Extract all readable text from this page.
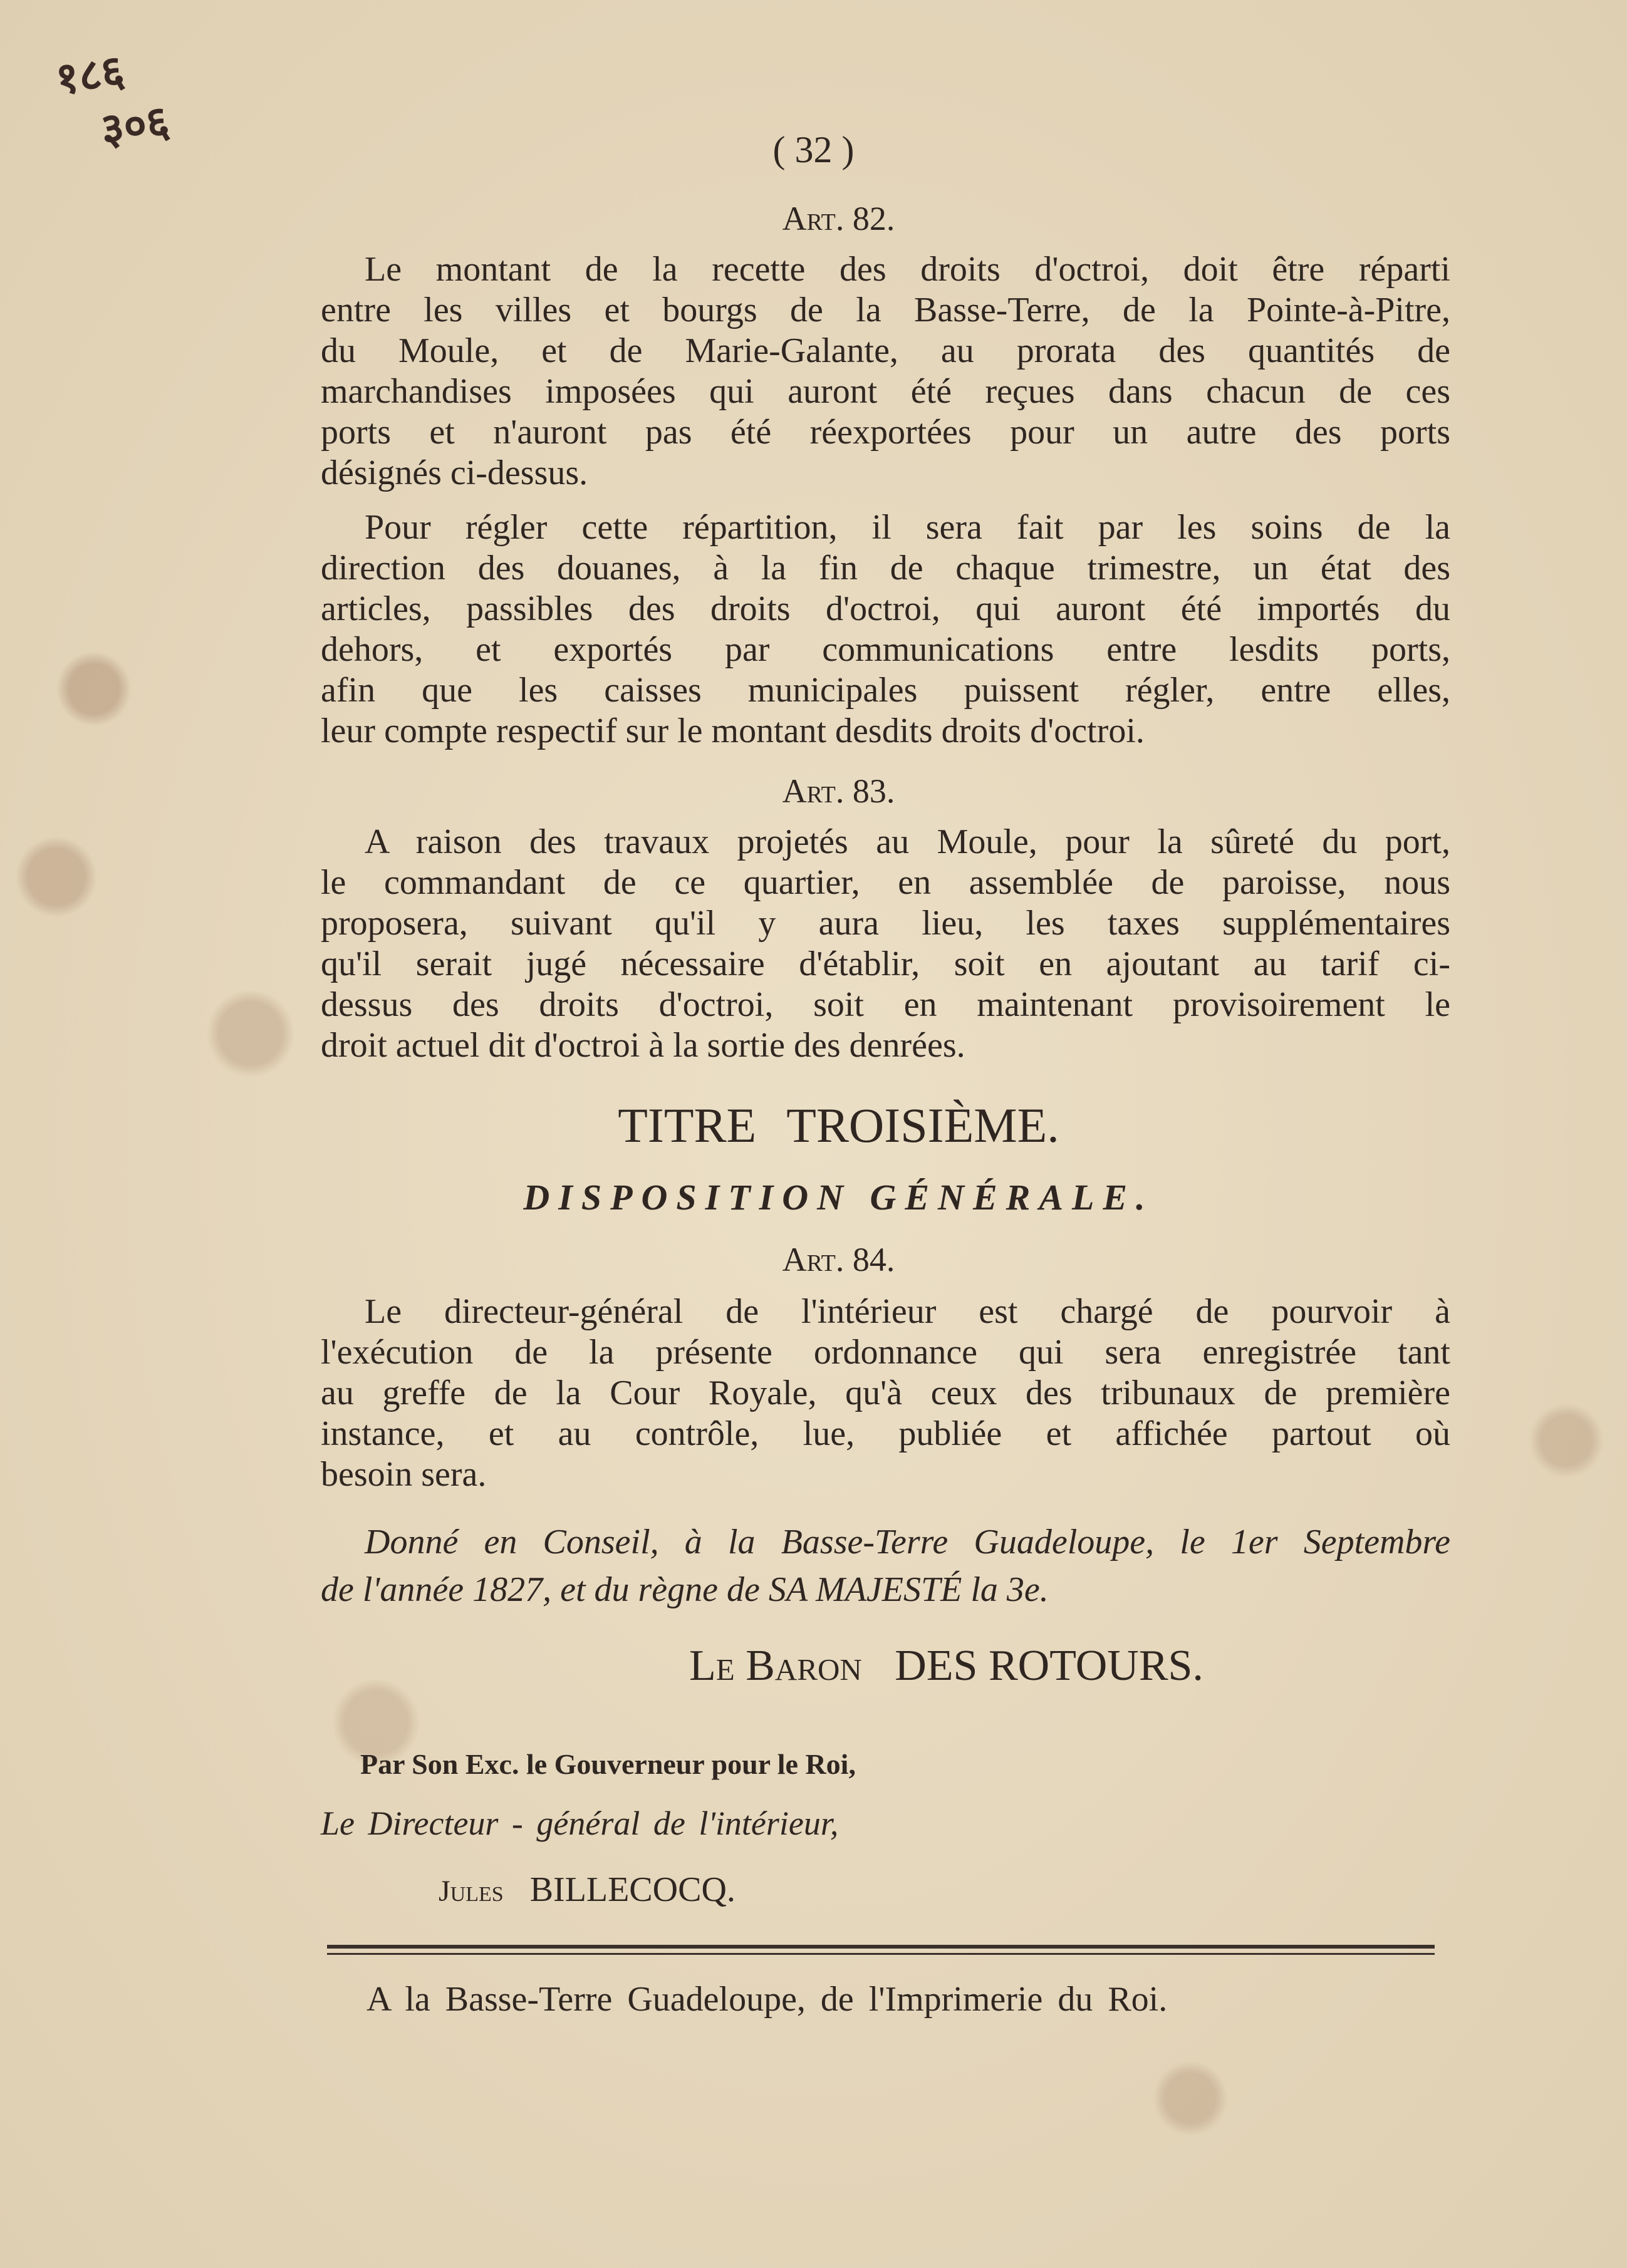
१८६
३०६	( 32 )
Art. 82.
Le montant de la recette des droits d'octroi, doit être réparti
entre les villes et bourgs de la Basse-Terre, de la Pointe-à-Pitre,
du Moule, et de Marie-Galante, au prorata des quantités de
marchandises imposées qui auront été reçues dans chacun de ces
ports et n'auront pas été réexportées pour un autre des ports
désignés ci-dessus.
Pour régler cette répartition, il sera fait par les soins de la
direction des douanes, à la fin de chaque trimestre, un état des
articles, passibles des droits d'octroi, qui auront été importés du
dehors, et exportés par communications entre lesdits ports,
afin que les caisses municipales puissent régler, entre elles,
leur compte respectif sur le montant desdits droits d'octroi.
Art. 83.
A raison des travaux projetés au Moule, pour la sûreté du port,
le commandant de ce quartier, en assemblée de paroisse, nous
proposera, suivant qu'il y aura lieu, les taxes supplémentaires
qu'il serait jugé nécessaire d'établir, soit en ajoutant au tarif ci-
dessus des droits d'octroi, soit en maintenant provisoirement le
droit actuel dit d'octroi à la sortie des denrées.
TITRE TROISIÈME.
DISPOSITION GÉNÉRALE.
Art. 84.
Le directeur-général de l'intérieur est chargé de pourvoir à
l'exécution de la présente ordonnance qui sera enregistrée tant
au greffe de la Cour Royale, qu'à ceux des tribunaux de première
instance, et au contrôle, lue, publiée et affichée partout où
besoin sera.
Donné en Conseil, à la Basse-Terre Guadeloupe, le 1er Septembre
de l'année 1827, et du règne de SA MAJESTÉ la 3e.
Le Baron DES ROTOURS.
Par Son Exc. le Gouverneur pour le Roi,
Le Directeur - général de l'intérieur,
Jules BILLECOCQ.
A la Basse-Terre Guadeloupe, de l'Imprimerie du Roi.
